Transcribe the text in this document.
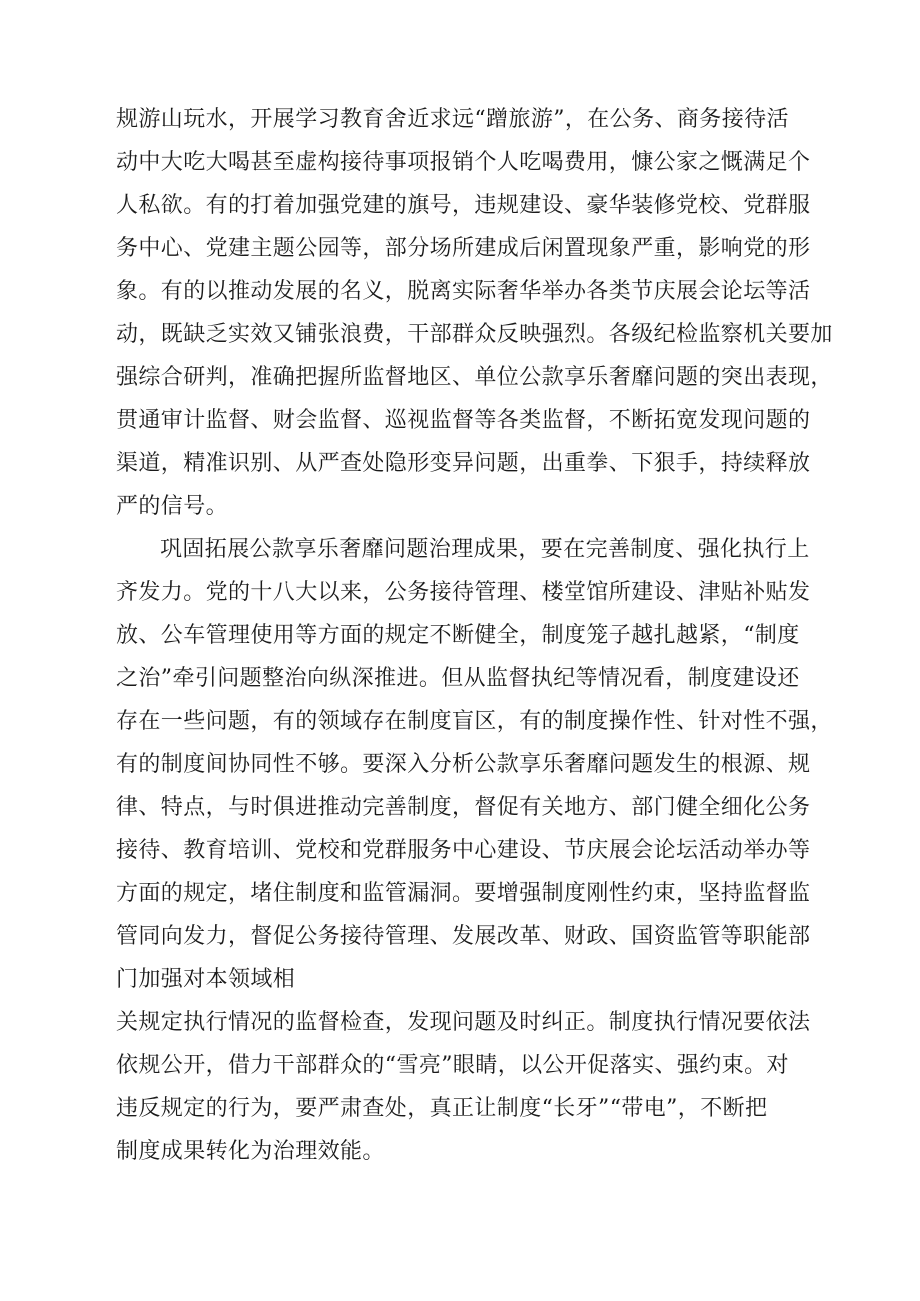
规游山玩水，开展学习教育舍近求远“蹭旅游”，在公务、商务接待活
动中大吃大喝甚至虚构接待事项报销个人吃喝费用，慷公家之慨满足个
人私欲。有的打着加强党建的旗号，违规建设、豪华装修党校、党群服
务中心、党建主题公园等，部分场所建成后闲置现象严重，影响党的形
象。有的以推动发展的名义，脱离实际奢华举办各类节庆展会论坛等活
动，既缺乏实效又铺张浪费，干部群众反映强烈。各级纪检监察机关要加
强综合研判，准确把握所监督地区、单位公款享乐奢靡问题的突出表现，
贯通审计监督、财会监督、巡视监督等各类监督，不断拓宽发现问题的
渠道，精准识别、从严查处隐形变异问题，出重拳、下狠手，持续释放
严的信号。
巩固拓展公款享乐奢靡问题治理成果，要在完善制度、强化执行上
齐发力。党的十八大以来，公务接待管理、楼堂馆所建设、津贴补贴发
放、公车管理使用等方面的规定不断健全，制度笼子越扎越紧，“制度
之治”牵引问题整治向纵深推进。但从监督执纪等情况看，制度建设还
存在一些问题，有的领域存在制度盲区，有的制度操作性、针对性不强，
有的制度间协同性不够。要深入分析公款享乐奢靡问题发生的根源、规
律、特点，与时俱进推动完善制度，督促有关地方、部门健全细化公务
接待、教育培训、党校和党群服务中心建设、节庆展会论坛活动举办等
方面的规定，堵住制度和监管漏洞。要增强制度刚性约束，坚持监督监
管同向发力，督促公务接待管理、发展改革、财政、国资监管等职能部
门加强对本领域相
关规定执行情况的监督检查，发现问题及时纠正。制度执行情况要依法
依规公开，借力干部群众的“雪亮”眼睛，以公开促落实、强约束。对
违反规定的行为，要严肃查处，真正让制度“长牙”“带电”，不断把
制度成果转化为治理效能。
